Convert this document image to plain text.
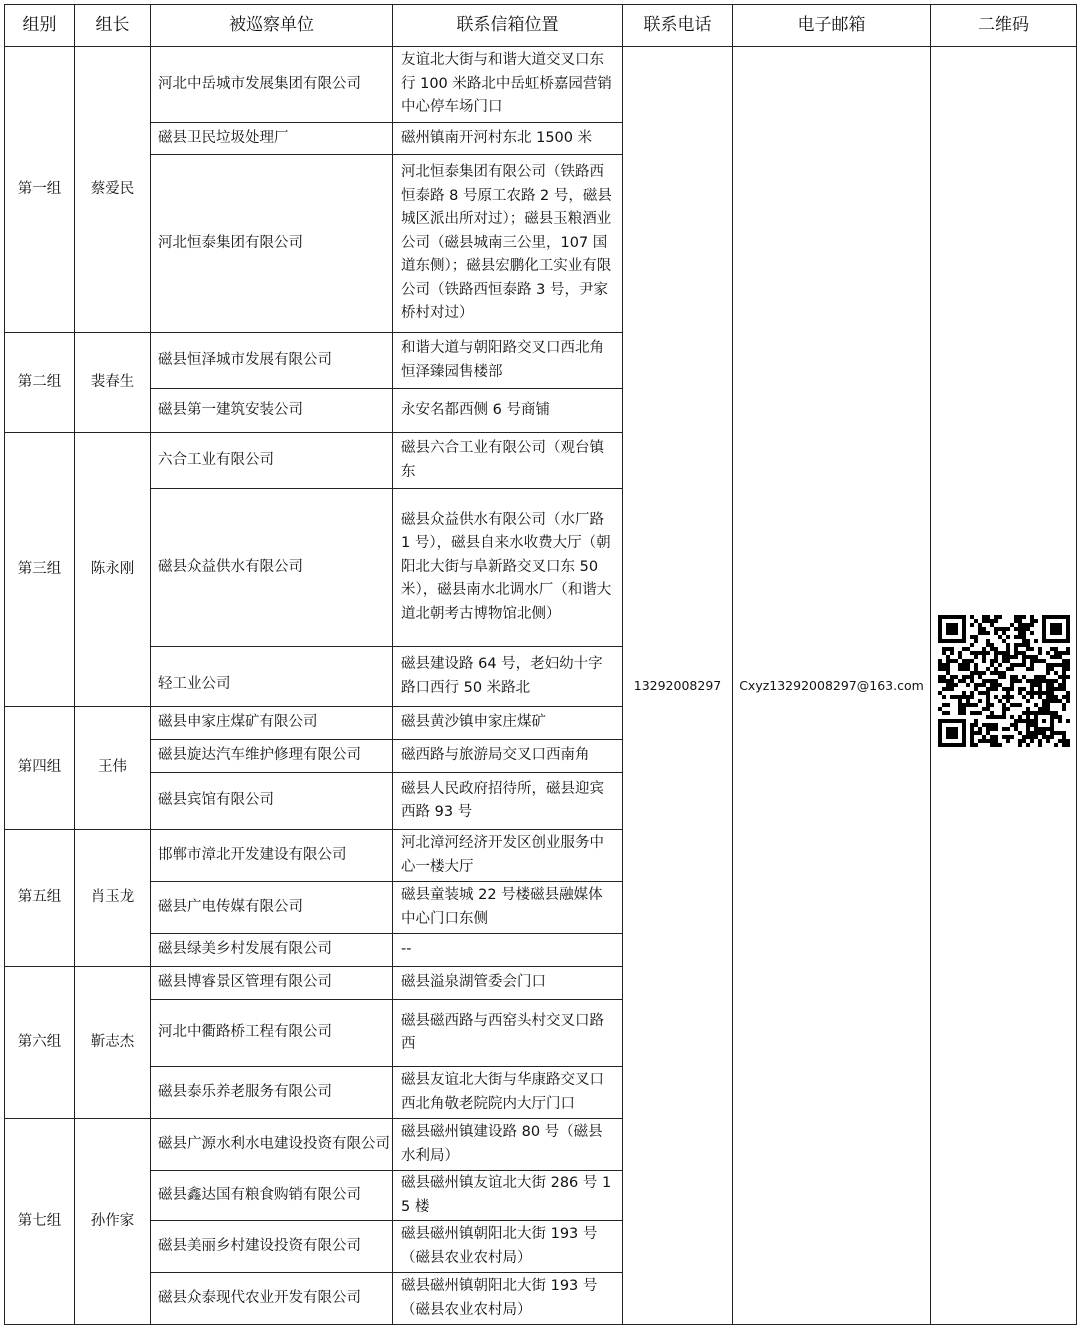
组别	组长	被巡察单位	联系信箱位置	联系电话	电子邮箱	二维码
第一组	蔡爱民	河北中岳城市发展集团有限公司	友谊北大街与和谐大道交叉口东行 100 米路北中岳虹桥嘉园营销中心停车场门口	13292008297	Cxyz13292008297@163.com	
		磁县卫民垃圾处理厂	磁州镇南开河村东北 1500 米			
		河北恒泰集团有限公司	河北恒泰集团有限公司（铁路西恒泰路 8 号原工农路 2 号，磁县城区派出所对过）；磁县玉粮酒业公司（磁县城南三公里，107 国道东侧）；磁县宏鹏化工实业有限公司（铁路西恒泰路 3 号，尹家桥村对过）			
第二组	裴春生	磁县恒泽城市发展有限公司	和谐大道与朝阳路交叉口西北角恒泽臻园售楼部			
		磁县第一建筑安装公司	永安名都西侧 6 号商铺			
第三组	陈永刚	六合工业有限公司	磁县六合工业有限公司（观台镇东			
		磁县众益供水有限公司	磁县众益供水有限公司（水厂路 1 号），磁县自来水收费大厅（朝阳北大街与阜新路交叉口东 50 米），磁县南水北调水厂（和谐大道北朝考古博物馆北侧）			
		轻工业公司	磁县建设路 64 号，老妇幼十字路口西行 50 米路北			
第四组	王伟	磁县申家庄煤矿有限公司	磁县黄沙镇申家庄煤矿			
		磁县旋达汽车维护修理有限公司	磁西路与旅游局交叉口西南角			
		磁县宾馆有限公司	磁县人民政府招待所，磁县迎宾西路 93 号			
第五组	肖玉龙	邯郸市漳北开发建设有限公司	河北漳河经济开发区创业服务中心一楼大厅			
		磁县广电传媒有限公司	磁县童装城 22 号楼磁县融媒体中心门口东侧			
		磁县绿美乡村发展有限公司	--			
第六组	靳志杰	磁县博睿景区管理有限公司	磁县溢泉湖管委会门口			
		河北中衢路桥工程有限公司	磁县磁西路与西窑头村交叉口路西			
		磁县泰乐养老服务有限公司	磁县友谊北大街与华康路交叉口西北角敬老院院内大厅门口			
第七组	孙作家	磁县广源水利水电建设投资有限公司	磁县磁州镇建设路 80 号（磁县水利局）			
		磁县鑫达国有粮食购销有限公司	磁县磁州镇友谊北大街 286 号 15 楼			
		磁县美丽乡村建设投资有限公司	磁县磁州镇朝阳北大街 193 号（磁县农业农村局）			
		磁县众泰现代农业开发有限公司	磁县磁州镇朝阳北大街 193 号（磁县农业农村局）			
